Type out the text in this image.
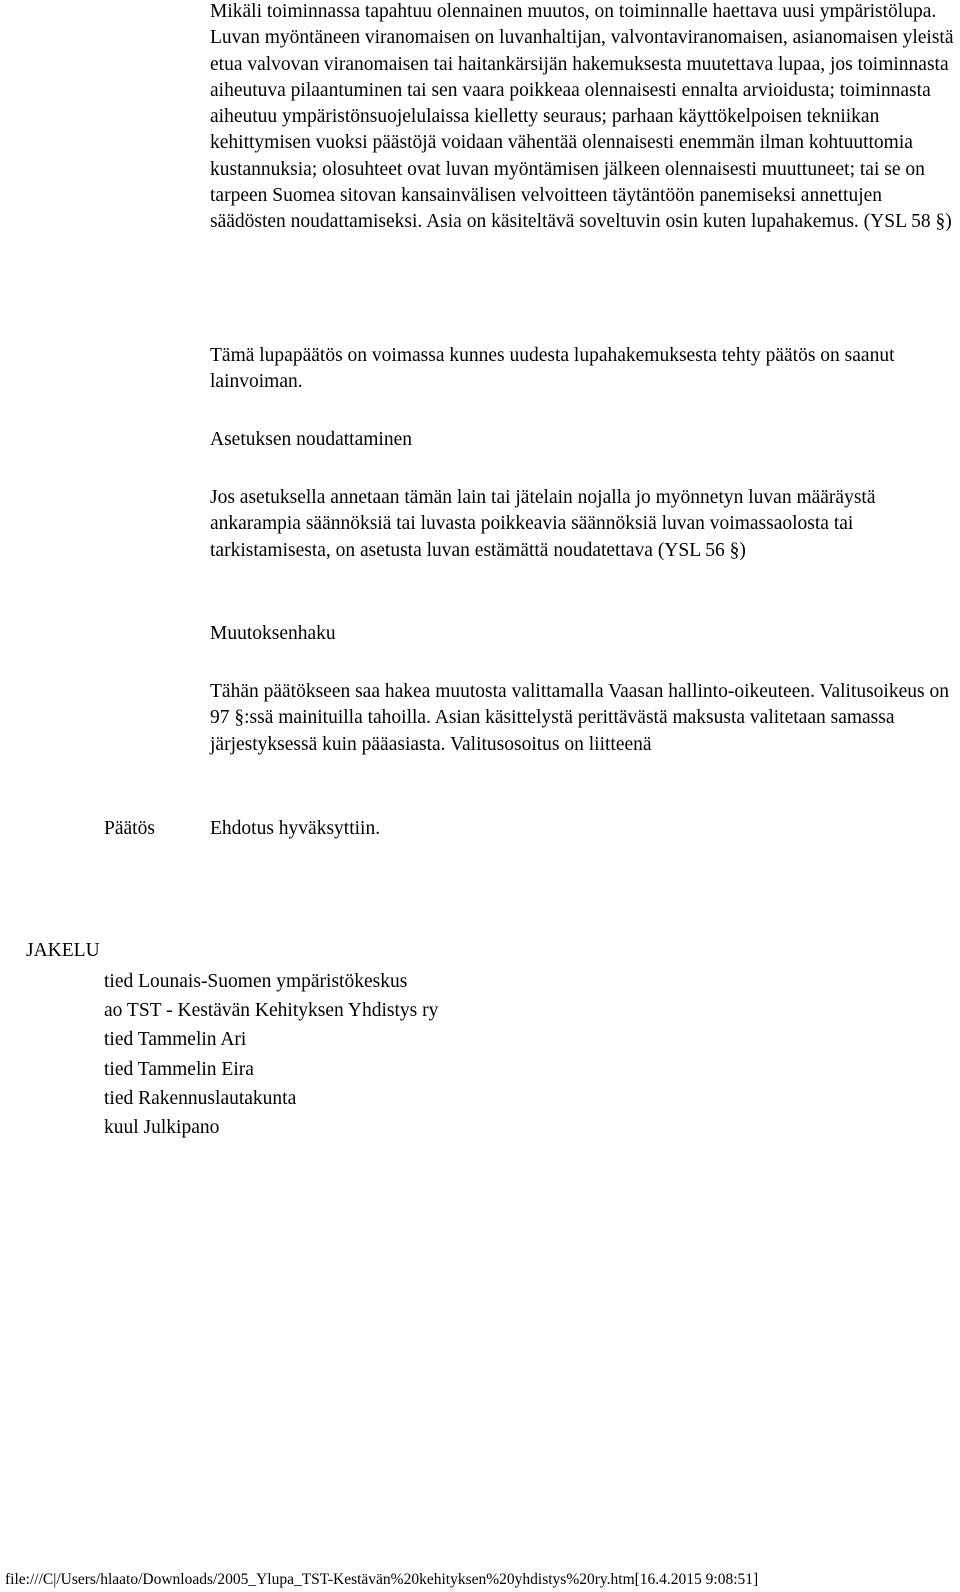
Mikäli toiminnassa tapahtuu olennainen muutos, on toiminnalle haettava uusi ympäristölupa. Luvan myöntäneen viranomaisen on luvanhaltijan, valvontaviranomaisen, asianomaisen yleistä etua valvovan viranomaisen tai haitankärsijän hakemuksesta muutettava lupaa, jos toiminnasta aiheutuva pilaantuminen tai sen vaara poikkeaa olennaisesti ennalta arvioidusta; toiminnasta aiheutuu ympäristönsuojelulaissa kielletty seuraus; parhaan käyttökelpoisen tekniikan kehittymisen vuoksi päästöjä voidaan vähentää olennaisesti enemmän ilman kohtuuttomia kustannuksia; olosuhteet ovat luvan myöntämisen jälkeen olennaisesti muuttuneet; tai se on tarpeen Suomea sitovan kansainvälisen velvoitteen täytäntöön panemiseksi annettujen säädösten noudattamiseksi. Asia on käsiteltävä soveltuvin osin kuten lupahakemus. (YSL 58 §)

Tämä lupapäätös on voimassa kunnes uudesta lupahakemuksesta tehty päätös on saanut lainvoiman.

Asetuksen noudattaminen

Jos asetuksella annetaan tämän lain tai jätelain nojalla jo myönnetyn luvan määräystä ankarampia säännöksiä tai luvasta poikkeavia säännöksiä luvan voimassaolosta tai tarkistamisesta, on asetusta luvan estämättä noudatettava (YSL 56 §)

Muutoksenhaku

Tähän päätökseen saa hakea muutosta valittamalla Vaasan hallinto-oikeuteen. Valitusoikeus on 97 §:ssä mainituilla tahoilla. Asian käsittelystä perittävästä maksusta valitetaan samassa järjestyksessä kuin pääasiasta. Valitusosoitus on liitteenä

Päätös	Ehdotus hyväksyttiin.

JAKELU

tied Lounais-Suomen ympäristökeskus
ao TST - Kestävän Kehityksen Yhdistys ry
tied Tammelin Ari
tied Tammelin Eira
tied Rakennuslautakunta
kuul Julkipano

file:///C|/Users/hlaato/Downloads/2005_Ylupa_TST-Kestävän%20kehityksen%20yhdistys%20ry.htm[16.4.2015 9:08:51]
